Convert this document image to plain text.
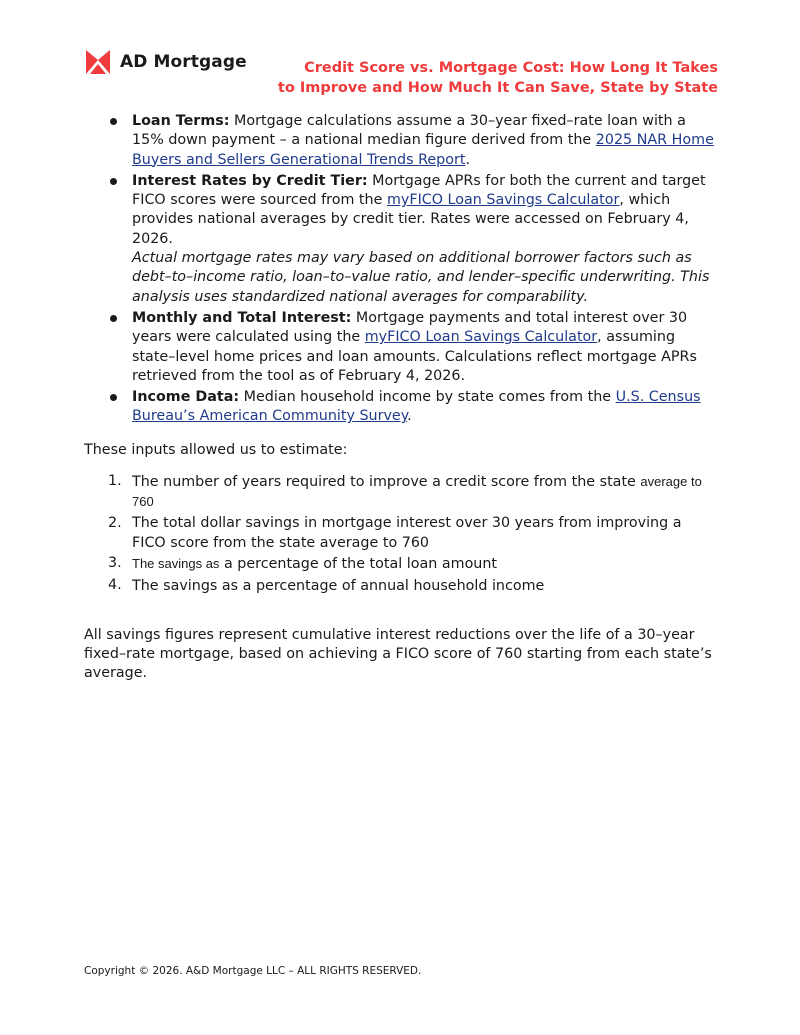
AD Mortgage	Credit Score vs. Mortgage Cost: How Long It Takes
to Improve and How Much It Can Save, State by State
Loan Terms: Mortgage calculations assume a 30–year fixed–rate loan with a 15% down payment – a national median figure derived from the 2025 NAR Home Buyers and Sellers Generational Trends Report.
Interest Rates by Credit Tier: Mortgage APRs for both the current and target FICO scores were sourced from the myFICO Loan Savings Calculator, which provides national averages by credit tier. Rates were accessed on February 4, 2026.
Actual mortgage rates may vary based on additional borrower factors such as debt–to–income ratio, loan–to–value ratio, and lender–specific underwriting. This analysis uses standardized national averages for comparability.
Monthly and Total Interest: Mortgage payments and total interest over 30 years were calculated using the myFICO Loan Savings Calculator, assuming state–level home prices and loan amounts. Calculations reflect mortgage APRs retrieved from the tool as of February 4, 2026.
Income Data: Median household income by state comes from the U.S. Census Bureau’s American Community Survey.

These inputs allowed us to estimate:

1. The number of years required to improve a credit score from the state average to 760
2. The total dollar savings in mortgage interest over 30 years from improving a FICO score from the state average to 760
3. The savings as a percentage of the total loan amount
4. The savings as a percentage of annual household income

All savings figures represent cumulative interest reductions over the life of a 30–year fixed–rate mortgage, based on achieving a FICO score of 760 starting from each state’s average.

Copyright © 2026. A&D Mortgage LLC – ALL RIGHTS RESERVED.
